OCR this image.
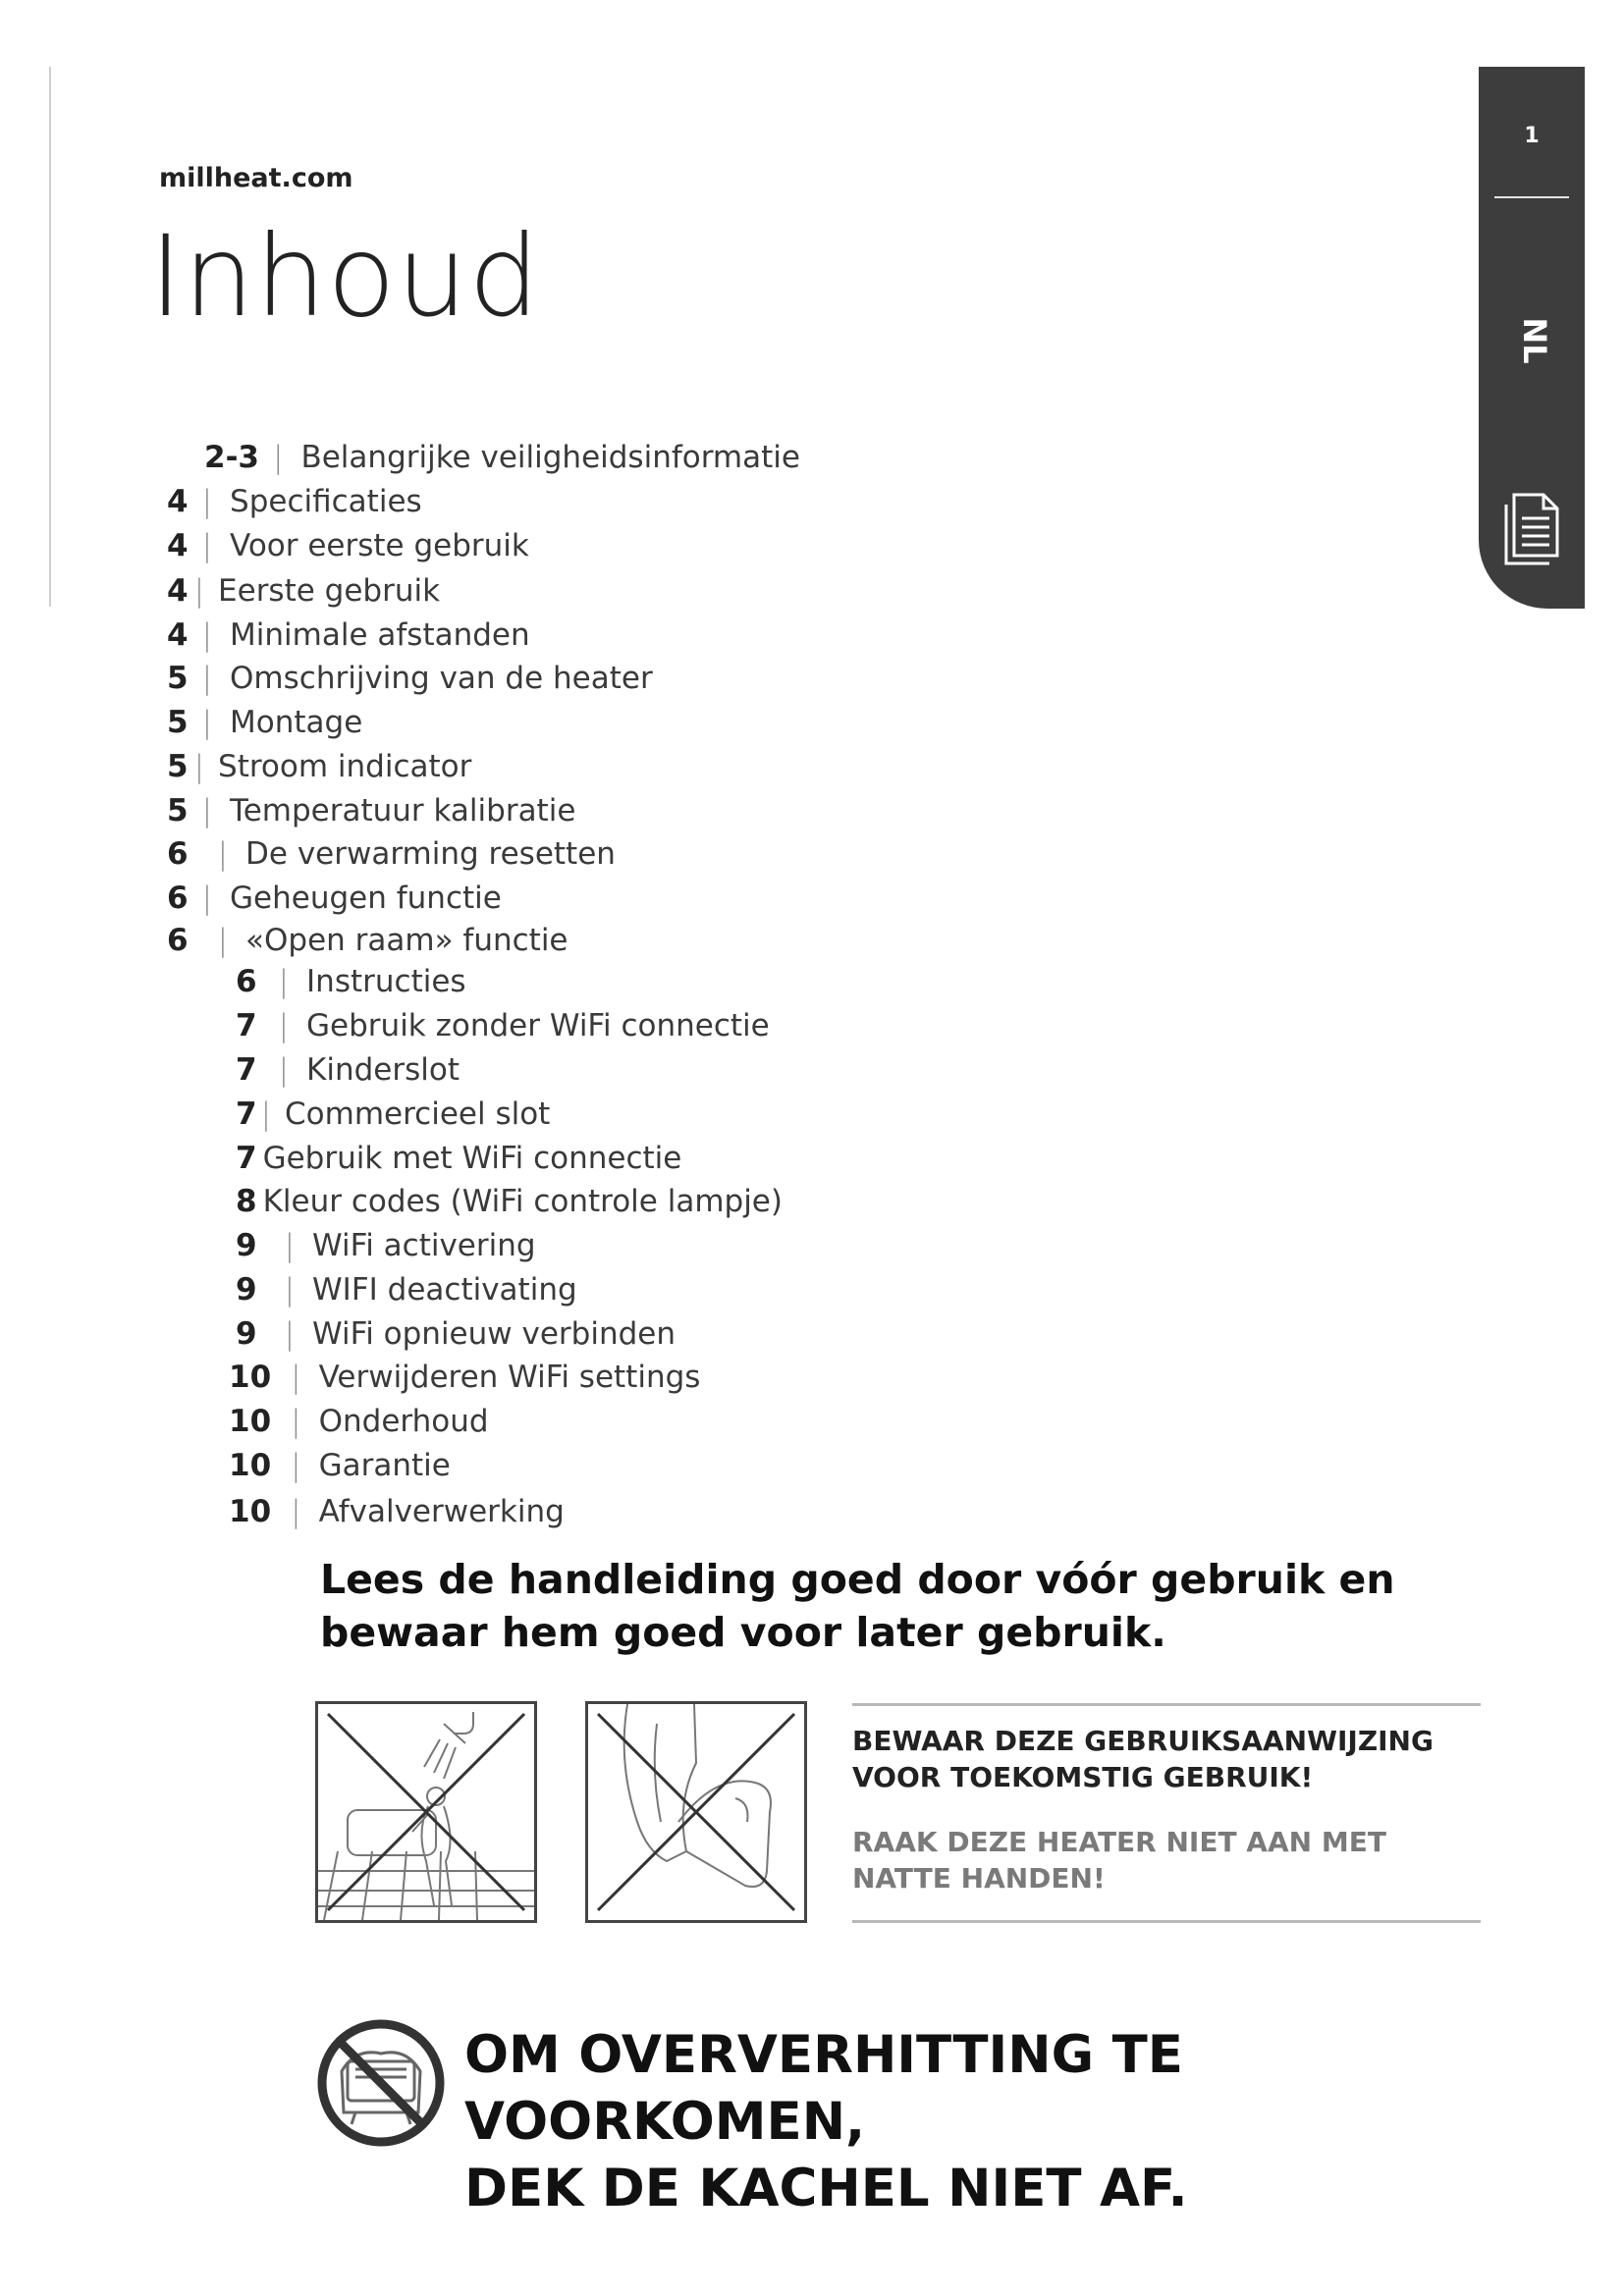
millheat.com
Inhoud
1
NL
2-3 | Belangrijke veiligheidsinformatie
4 | Specificaties
4 | Voor eerste gebruik
4 | Eerste gebruik
4 | Minimale afstanden
5 | Omschrijving van de heater
5 | Montage
5 | Stroom indicator
5 | Temperatuur kalibratie
6 | De verwarming resetten
6 | Geheugen functie
6 | «Open raam» functie
6 | Instructies
7 | Gebruik zonder WiFi connectie
7 | Kinderslot
7 | Commercieel slot
7 Gebruik met WiFi connectie
8 Kleur codes (WiFi controle lampje)
9 | WiFi activering
9 | WIFI deactivating
9 | WiFi opnieuw verbinden
10 | Verwijderen WiFi settings
10 | Onderhoud
10 | Garantie
10 | Afvalverwerking
Lees de handleiding goed door vóór gebruik en
bewaar hem goed voor later gebruik.
BEWAAR DEZE GEBRUIKSAANWIJZING VOOR TOEKOMSTIG GEBRUIK!
RAAK DEZE HEATER NIET AAN MET NATTE HANDEN!
OM OVERVERHITTING TE VOORKOMEN,
DEK DE KACHEL NIET AF.
